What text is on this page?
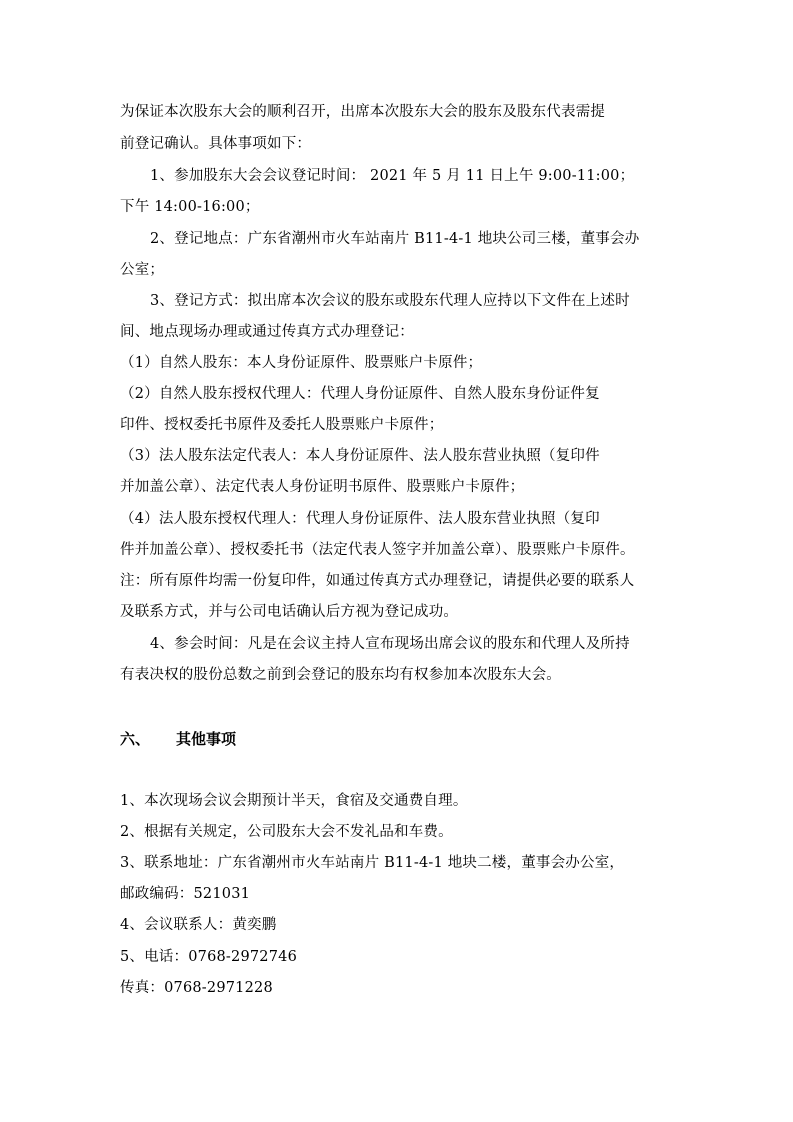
为保证本次股东大会的顺利召开，出席本次股东大会的股东及股东代表需提
前登记确认。具体事项如下：
1、参加股东大会会议登记时间： 2021 年 5 月 11 日上午 9:00-11:00；
下午 14:00-16:00；
2、登记地点：广东省潮州市火车站南片 B11-4-1 地块公司三楼，董事会办
公室；
3、登记方式：拟出席本次会议的股东或股东代理人应持以下文件在上述时
间、地点现场办理或通过传真方式办理登记：
（1）自然人股东：本人身份证原件、股票账户卡原件；
（2）自然人股东授权代理人：代理人身份证原件、自然人股东身份证件复
印件、授权委托书原件及委托人股票账户卡原件；
（3）法人股东法定代表人：本人身份证原件、法人股东营业执照（复印件
并加盖公章）、法定代表人身份证明书原件、股票账户卡原件；
（4）法人股东授权代理人：代理人身份证原件、法人股东营业执照（复印
件并加盖公章）、授权委托书（法定代表人签字并加盖公章）、股票账户卡原件。
注：所有原件均需一份复印件，如通过传真方式办理登记，请提供必要的联系人
及联系方式，并与公司电话确认后方视为登记成功。
4、参会时间：凡是在会议主持人宣布现场出席会议的股东和代理人及所持
有表决权的股份总数之前到会登记的股东均有权参加本次股东大会。
六、 其他事项
1、本次现场会议会期预计半天，食宿及交通费自理。
2、根据有关规定，公司股东大会不发礼品和车费。
3、联系地址：广东省潮州市火车站南片 B11-4-1 地块二楼，董事会办公室，
邮政编码：521031
4、会议联系人：黄奕鹏
5、电话：0768-2972746
传真：0768-2971228
